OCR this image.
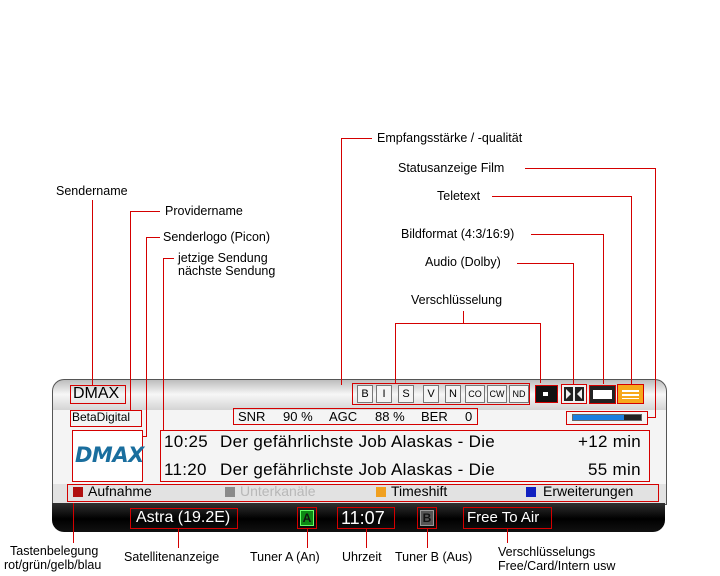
Empfangsstärke / -qualität
Statusanzeige Film
Sendername	Teletext
Providername
Senderlogo (Picon)	Bildformat (4:3/16:9)
jetzige Sendung
nächste Sendung
Audio (Dolby)
Verschlüsselung
Tastenbelegung
rot/grün/gelb/blau
Satellitenanzeige Tuner A (An) Uhrzeit Tuner B (Aus) Verschlüsselungs
Free/Card/Intern usw
DMAX	B	I	S	V	N	CO CW ND
BetaDigital	SNR 90 % AGC 88 % BER 0
DMAX
10:25 Der gefährlichste Job Alaskas - Die	+12 min
11:20 Der gefährlichste Job Alaskas - Die	55 min
Aufnahme	Unterkanäle	Timeshift	Erweiterungen
Astra (19.2E)	A 11:07	B Free To Air
